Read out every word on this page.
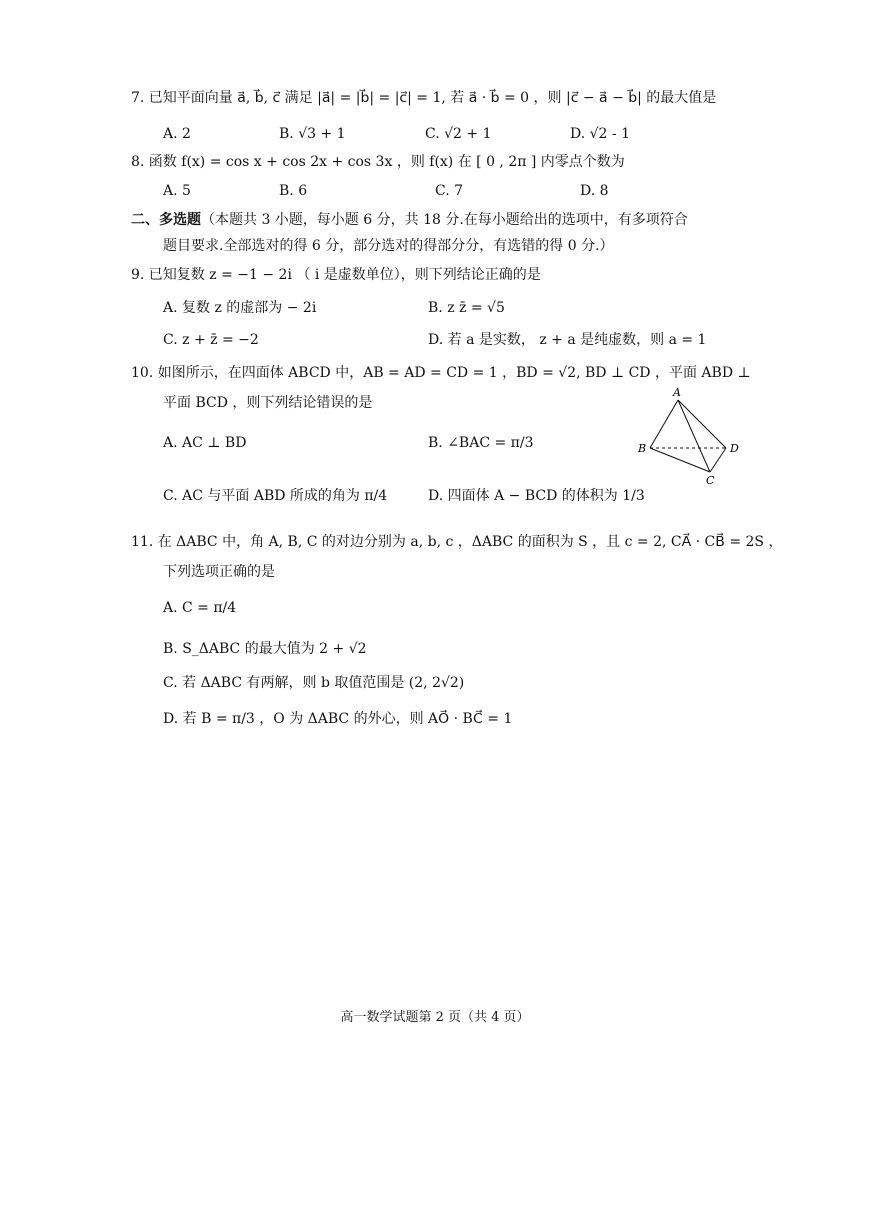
7. 已知平面向量 a⃗, b⃗, c⃗ 满足 |a⃗| = |b⃗| = |c⃗| = 1, 若 a⃗ · b⃗ = 0 ，则 |c⃗ − a⃗ − b⃗| 的最大值是
A. 2	B. √3 + 1	C. √2 + 1	D. √2 - 1
8. 函数 f(x) = cos x + cos 2x + cos 3x ，则 f(x) 在 [ 0 , 2π ] 内零点个数为
A. 5	B. 6	C. 7	D. 8
二、多选题（本题共 3 小题，每小题 6 分，共 18 分.在每小题给出的选项中，有多项符合
题目要求.全部选对的得 6 分，部分选对的得部分分，有选错的得 0 分.）
9. 已知复数 z = −1 − 2i （ i 是虚数单位），则下列结论正确的是
A. 复数 z 的虚部为 − 2i	B. z z̄ = √5
C. z + z̄ = −2	D. 若 a 是实数， z + a 是纯虚数，则 a = 1
10. 如图所示，在四面体 ABCD 中，AB = AD = CD = 1 ，BD = √2, BD ⊥ CD ，平面 ABD ⊥
平面 BCD ，则下列结论错误的是
A. AC ⊥ BD	B. ∠BAC = π/3
C. AC 与平面 ABD 所成的角为 π/4	D. 四面体 A − BCD 的体积为 1/3
A
B
C
D
11. 在 ΔABC 中，角 A, B, C 的对边分别为 a, b, c ，ΔABC 的面积为 S ，且 c = 2, CA⃗ · CB⃗ = 2S ，
下列选项正确的是
A. C = π/4
B. S_ΔABC 的最大值为 2 + √2
C. 若 ΔABC 有两解，则 b 取值范围是 (2, 2√2)
D. 若 B = π/3 ，O 为 ΔABC 的外心，则 AO⃗ · BC⃗ = 1
高一数学试题第 2 页（共 4 页）
